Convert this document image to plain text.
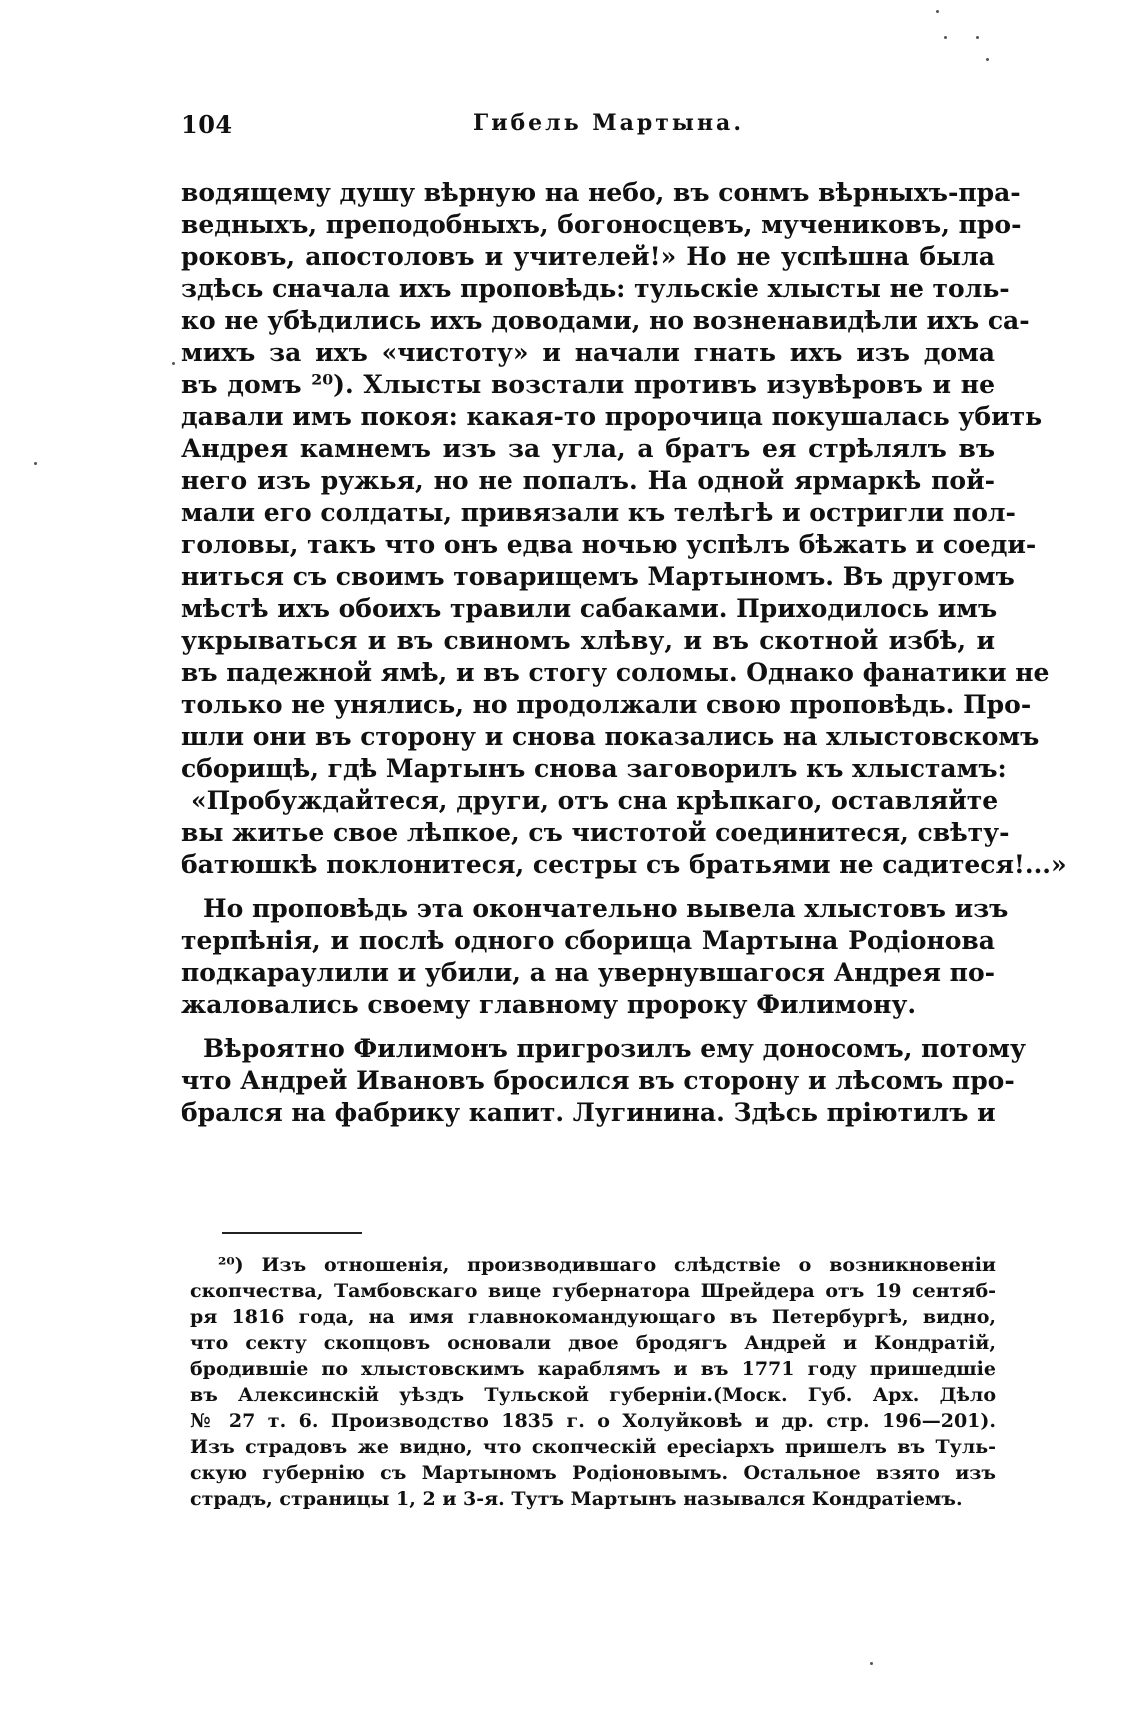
104	Гибель Мартына.
водящему душу вѣрную на небо, въ сонмъ вѣрныхъ-пра-
ведныхъ, преподобныхъ, богоносцевъ, мучениковъ, про-
роковъ, апостоловъ и учителей!» Но не успѣшна была
здѣсь сначала ихъ проповѣдь: тульскіе хлысты не толь-
ко не убѣдились ихъ доводами, но возненавидѣли ихъ са-
михъ за ихъ «чистоту» и начали гнать ихъ изъ дома
въ домъ ²⁰). Хлысты возстали противъ изувѣровъ и не
давали имъ покоя: какая-то пророчица покушалась убить
Андрея камнемъ изъ за угла, а братъ ея стрѣлялъ въ
него изъ ружья, но не попалъ. На одной ярмаркѣ пой-
мали его солдаты, привязали къ телѣгѣ и остригли пол-
головы, такъ что онъ едва ночью успѣлъ бѣжать и соеди-
ниться съ своимъ товарищемъ Мартыномъ. Въ другомъ
мѣстѣ ихъ обоихъ травили сабаками. Приходилось имъ
укрываться и въ свиномъ хлѣву, и въ скотной избѣ, и
въ падежной ямѣ, и въ стогу соломы. Однако фанатики не
только не унялись, но продолжали свою проповѣдь. Про-
шли они въ сторону и снова показались на хлыстовскомъ
сборищѣ, гдѣ Мартынъ снова заговорилъ къ хлыстамъ:
«Пробуждайтеся, други, отъ сна крѣпкаго, оставляйте
вы житье свое лѣпкое, съ чистотой соединитеся, свѣту-
батюшкѣ поклонитеся, сестры съ братьями не садитеся!...»
Но проповѣдь эта окончательно вывела хлыстовъ изъ
терпѣнія, и послѣ одного сборища Мартына Родіонова
подкараулили и убили, а на увернувшагося Андрея по-
жаловались своему главному пророку Филимону.
Вѣроятно Филимонъ пригрозилъ ему доносомъ, потому
что Андрей Ивановъ бросился въ сторону и лѣсомъ про-
брался на фабрику капит. Лугинина. Здѣсь пріютилъ и
²⁰) Изъ отношенія, производившаго слѣдствіе о возникновеніи
скопчества, Тамбовскаго вице губернатора Шрейдера отъ 19 сентяб-
ря 1816 года, на имя главнокомандующаго въ Петербургѣ, видно,
что секту скопцовъ основали двое бродягъ Андрей и Кондратій,
бродившіе по хлыстовскимъ караблямъ и въ 1771 году пришедшіе
въ Алексинскій уѣздъ Тульской губерніи.(Моск. Губ. Арх. Дѣло
№ 27 т. 6. Производство 1835 г. о Холуйковѣ и др. стр. 196—201).
Изъ страдовъ же видно, что скопческій ересіархъ пришелъ въ Туль-
скую губернію съ Мартыномъ Родіоновымъ. Остальное взято изъ
страдъ, страницы 1, 2 и 3-я. Тутъ Мартынъ назывался Кондратіемъ.
